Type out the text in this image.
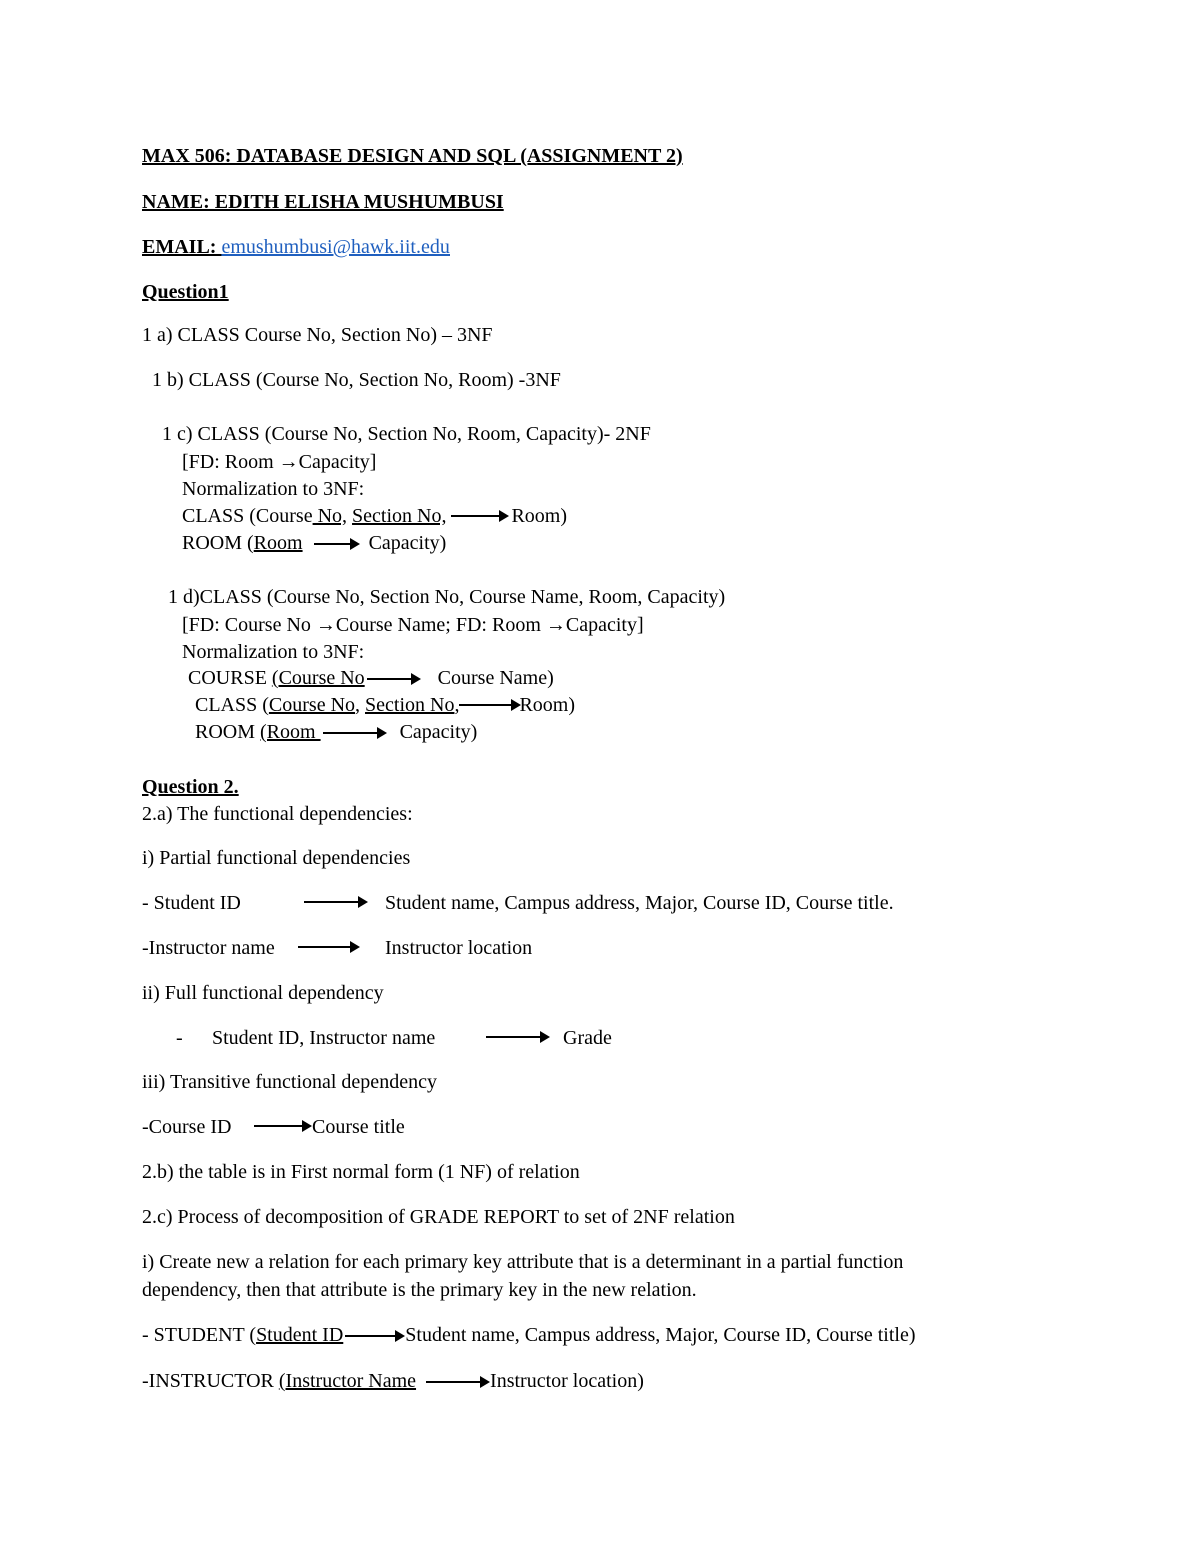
MAX 506: DATABASE DESIGN AND SQL (ASSIGNMENT 2)
NAME: EDITH ELISHA MUSHUMBUSI
EMAIL: emushumbusi@hawk.iit.edu
Question1
1 a) CLASS Course No, Section No) – 3NF
1 b) CLASS (Course No, Section No, Room) -3NF
1 c) CLASS (Course No, Section No, Room, Capacity)- 2NF
[FD: Room →Capacity]
Normalization to 3NF:
CLASS (Course No, Section No,	Room)
ROOM (Room	Capacity)
1 d)CLASS (Course No, Section No, Course Name, Room, Capacity)
[FD: Course No →Course Name; FD: Room →Capacity]
Normalization to 3NF:
COURSE (Course No	Course Name)
CLASS (Course No, Section No,	Room)
ROOM (Room	Capacity)
Question 2.
2.a) The functional dependencies:
i) Partial functional dependencies
- Student ID	Student name, Campus address, Major, Course ID, Course title.
-Instructor name	Instructor location
ii) Full functional dependency
- Student ID, Instructor name	Grade
iii) Transitive functional dependency
-Course ID	Course title
2.b) the table is in First normal form (1 NF) of relation
2.c) Process of decomposition of GRADE REPORT to set of 2NF relation
i) Create new a relation for each primary key attribute that is a determinant in a partial function
dependency, then that attribute is the primary key in the new relation.
- STUDENT (Student ID	Student name, Campus address, Major, Course ID, Course title)
-INSTRUCTOR (Instructor Name	Instructor location)
